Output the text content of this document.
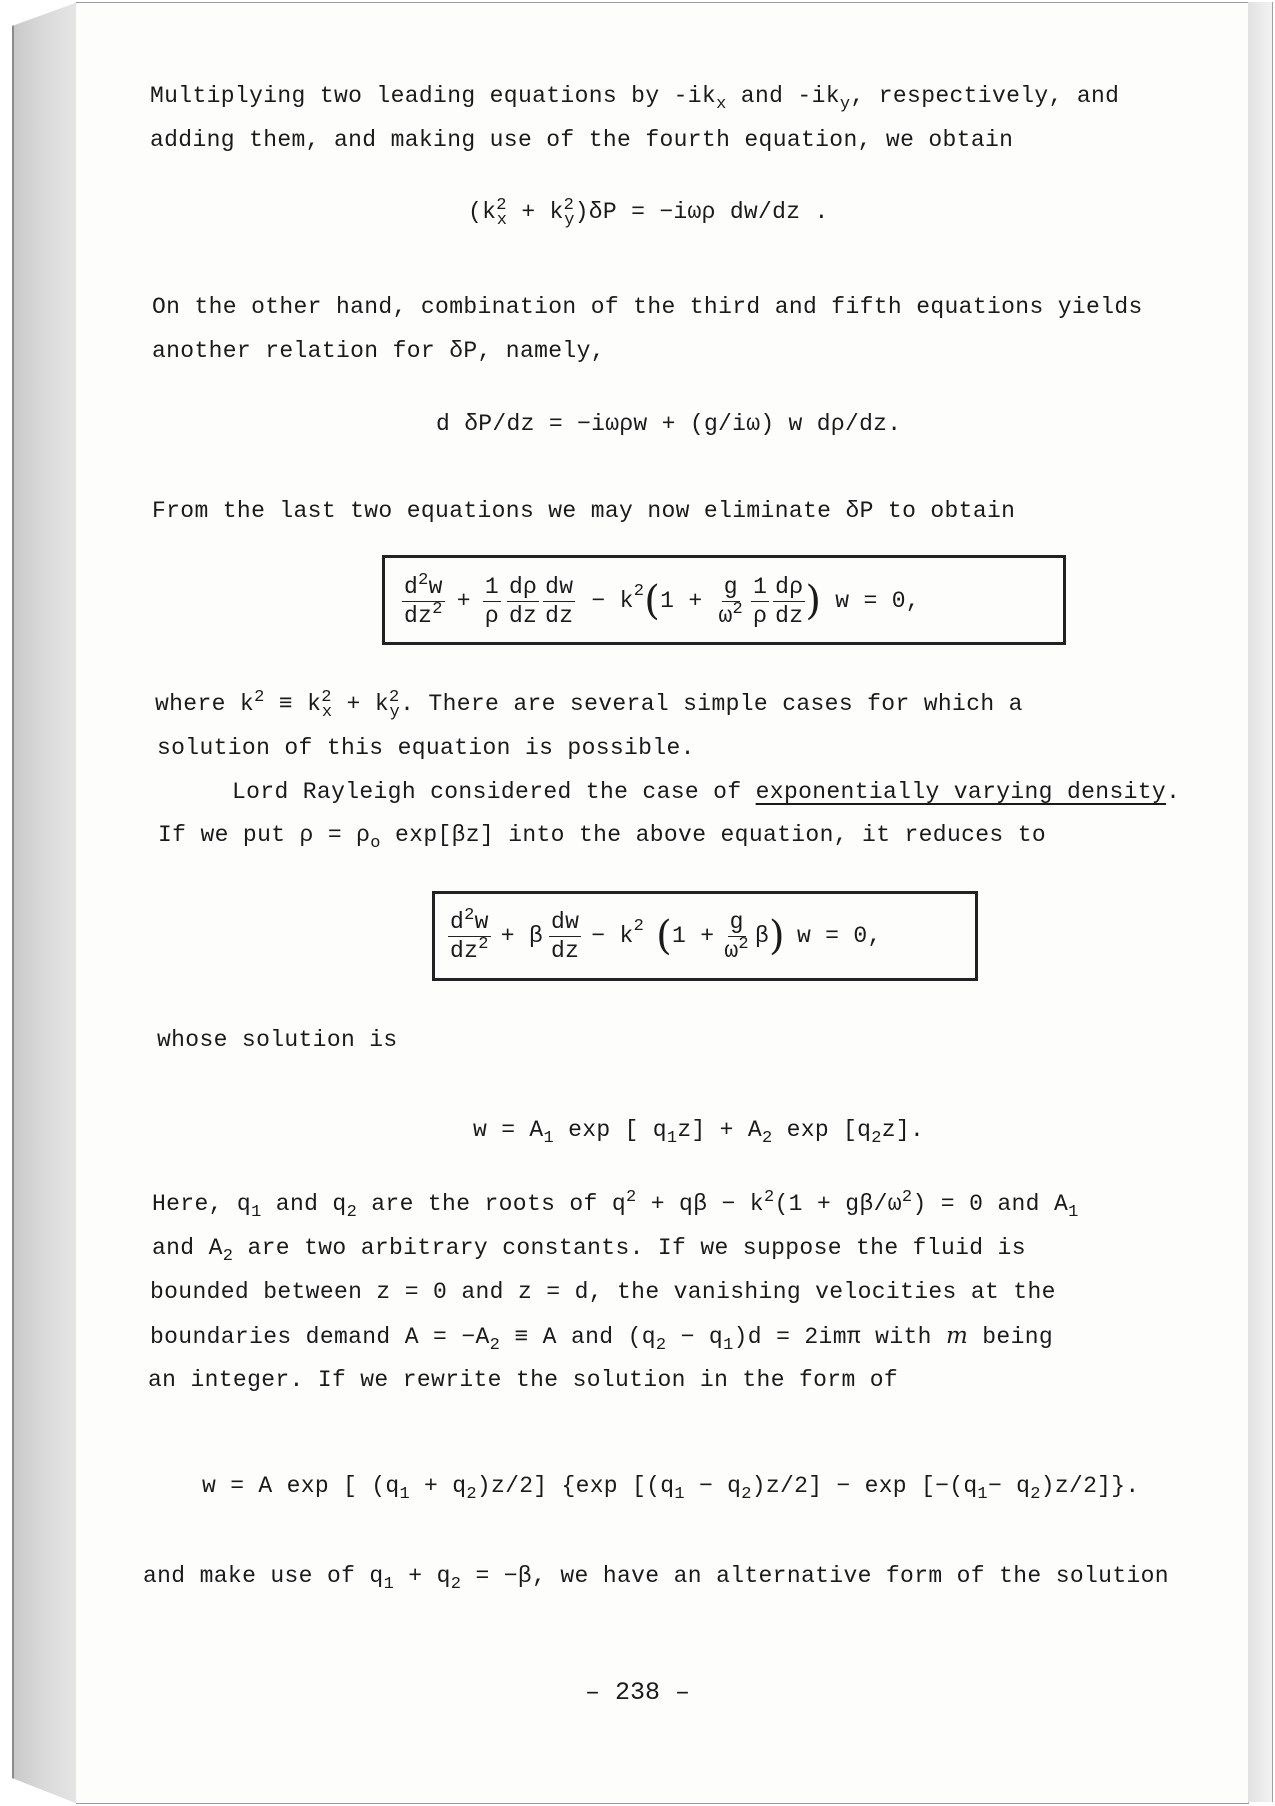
Multiplying two leading equations by $-ik_x$ and $-ik_y$, respectively, and
adding them, and making use of the fourth equation, we obtain
$(k^2_x + k^2_y)\delta P = -i\omega\rho$ dw/dz .
On the other hand, combination of the third and fifth equations yields
another relation for δP, namely,
d δP/dz = −iωρw + (g/iω) w dρ/dz.
From the last two equations we may now eliminate δP to obtain
$\frac{d^2w}{dz^2} + \frac{1}{\rho} \frac{d\rho}{dz} \frac{dw}{dz} - k^2$ ( $1 + \frac{g}{\omega^2} \frac{1}{\rho} \frac{d\rho}{dz}$ ) w = 0,
where $k^2 \equiv k^2_x + k^2_y$. There are several simple cases for which a
solution of this equation is possible.
Lord Rayleigh considered the case of exponentially varying density.
If we put $\rho = \rho_o$ exp[βz] into the above equation, it reduces to
$\frac{d^2w}{dz^2} + \beta \frac{dw}{dz} - k^2$ ( $1 + \frac{g}{\omega^2}$ β ) w = 0,
whose solution is
$w = A_1$ exp [ $q_1z] + A_2$ $\exp [q_2z]$.
Here, $q_1$ and $q_2$ are the roots of $q^2 + q\beta - k^2(1 + g\beta/\omega^2) = 0$ and $A_1$
and $A_2$ are two arbitrary constants. If we suppose the fluid is
bounded between z = 0 and z = d, the vanishing velocities at the
boundaries demand $A = -A_2 \equiv A$ and $(q_2 - q_1)d = 2im\pi$ with m being
an integer. If we rewrite the solution in the form of
w = A exp [ $(q_1 + q_2)z/2$] {exp $[(q_1 - q_2)z/2] - \exp [-(q_1- q_2)z/2]$}.
and make use of $q_1 + q_2 = -\beta$, we have an alternative form of the solution
– 238 –
